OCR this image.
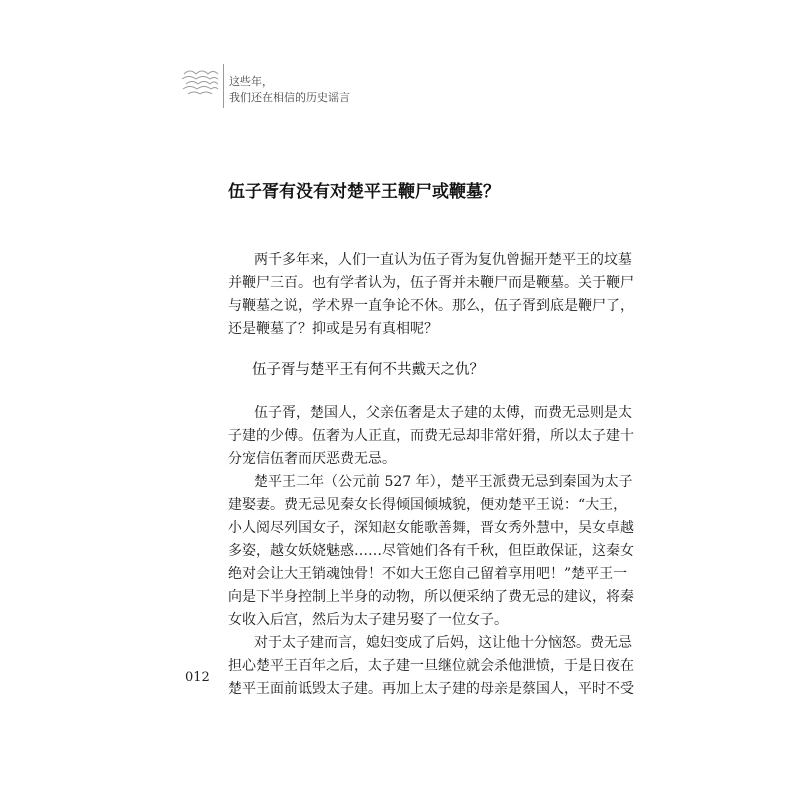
这些年，
我们还在相信的历史谣言
伍子胥有没有对楚平王鞭尸或鞭墓？
两千多年来，人们一直认为伍子胥为复仇曾掘开楚平王的坟墓
并鞭尸三百。也有学者认为，伍子胥并未鞭尸而是鞭墓。关于鞭尸
与鞭墓之说，学术界一直争论不休。那么，伍子胥到底是鞭尸了，
还是鞭墓了？抑或是另有真相呢？
伍子胥与楚平王有何不共戴天之仇？
伍子胥，楚国人，父亲伍奢是太子建的太傅，而费无忌则是太
子建的少傅。伍奢为人正直，而费无忌却非常奸猾，所以太子建十
分宠信伍奢而厌恶费无忌。
楚平王二年（公元前 527 年），楚平王派费无忌到秦国为太子
建娶妻。费无忌见秦女长得倾国倾城貌，便劝楚平王说：“大王，
小人阅尽列国女子，深知赵女能歌善舞，晋女秀外慧中，吴女卓越
多姿，越女妖娆魅惑……尽管她们各有千秋，但臣敢保证，这秦女
绝对会让大王销魂蚀骨！不如大王您自己留着享用吧！”楚平王一
向是下半身控制上半身的动物，所以便采纳了费无忌的建议，将秦
女收入后宫，然后为太子建另娶了一位女子。
对于太子建而言，媳妇变成了后妈，这让他十分恼怒。费无忌
担心楚平王百年之后，太子建一旦继位就会杀他泄愤，于是日夜在
楚平王面前诋毁太子建。再加上太子建的母亲是蔡国人，平时不受
012
